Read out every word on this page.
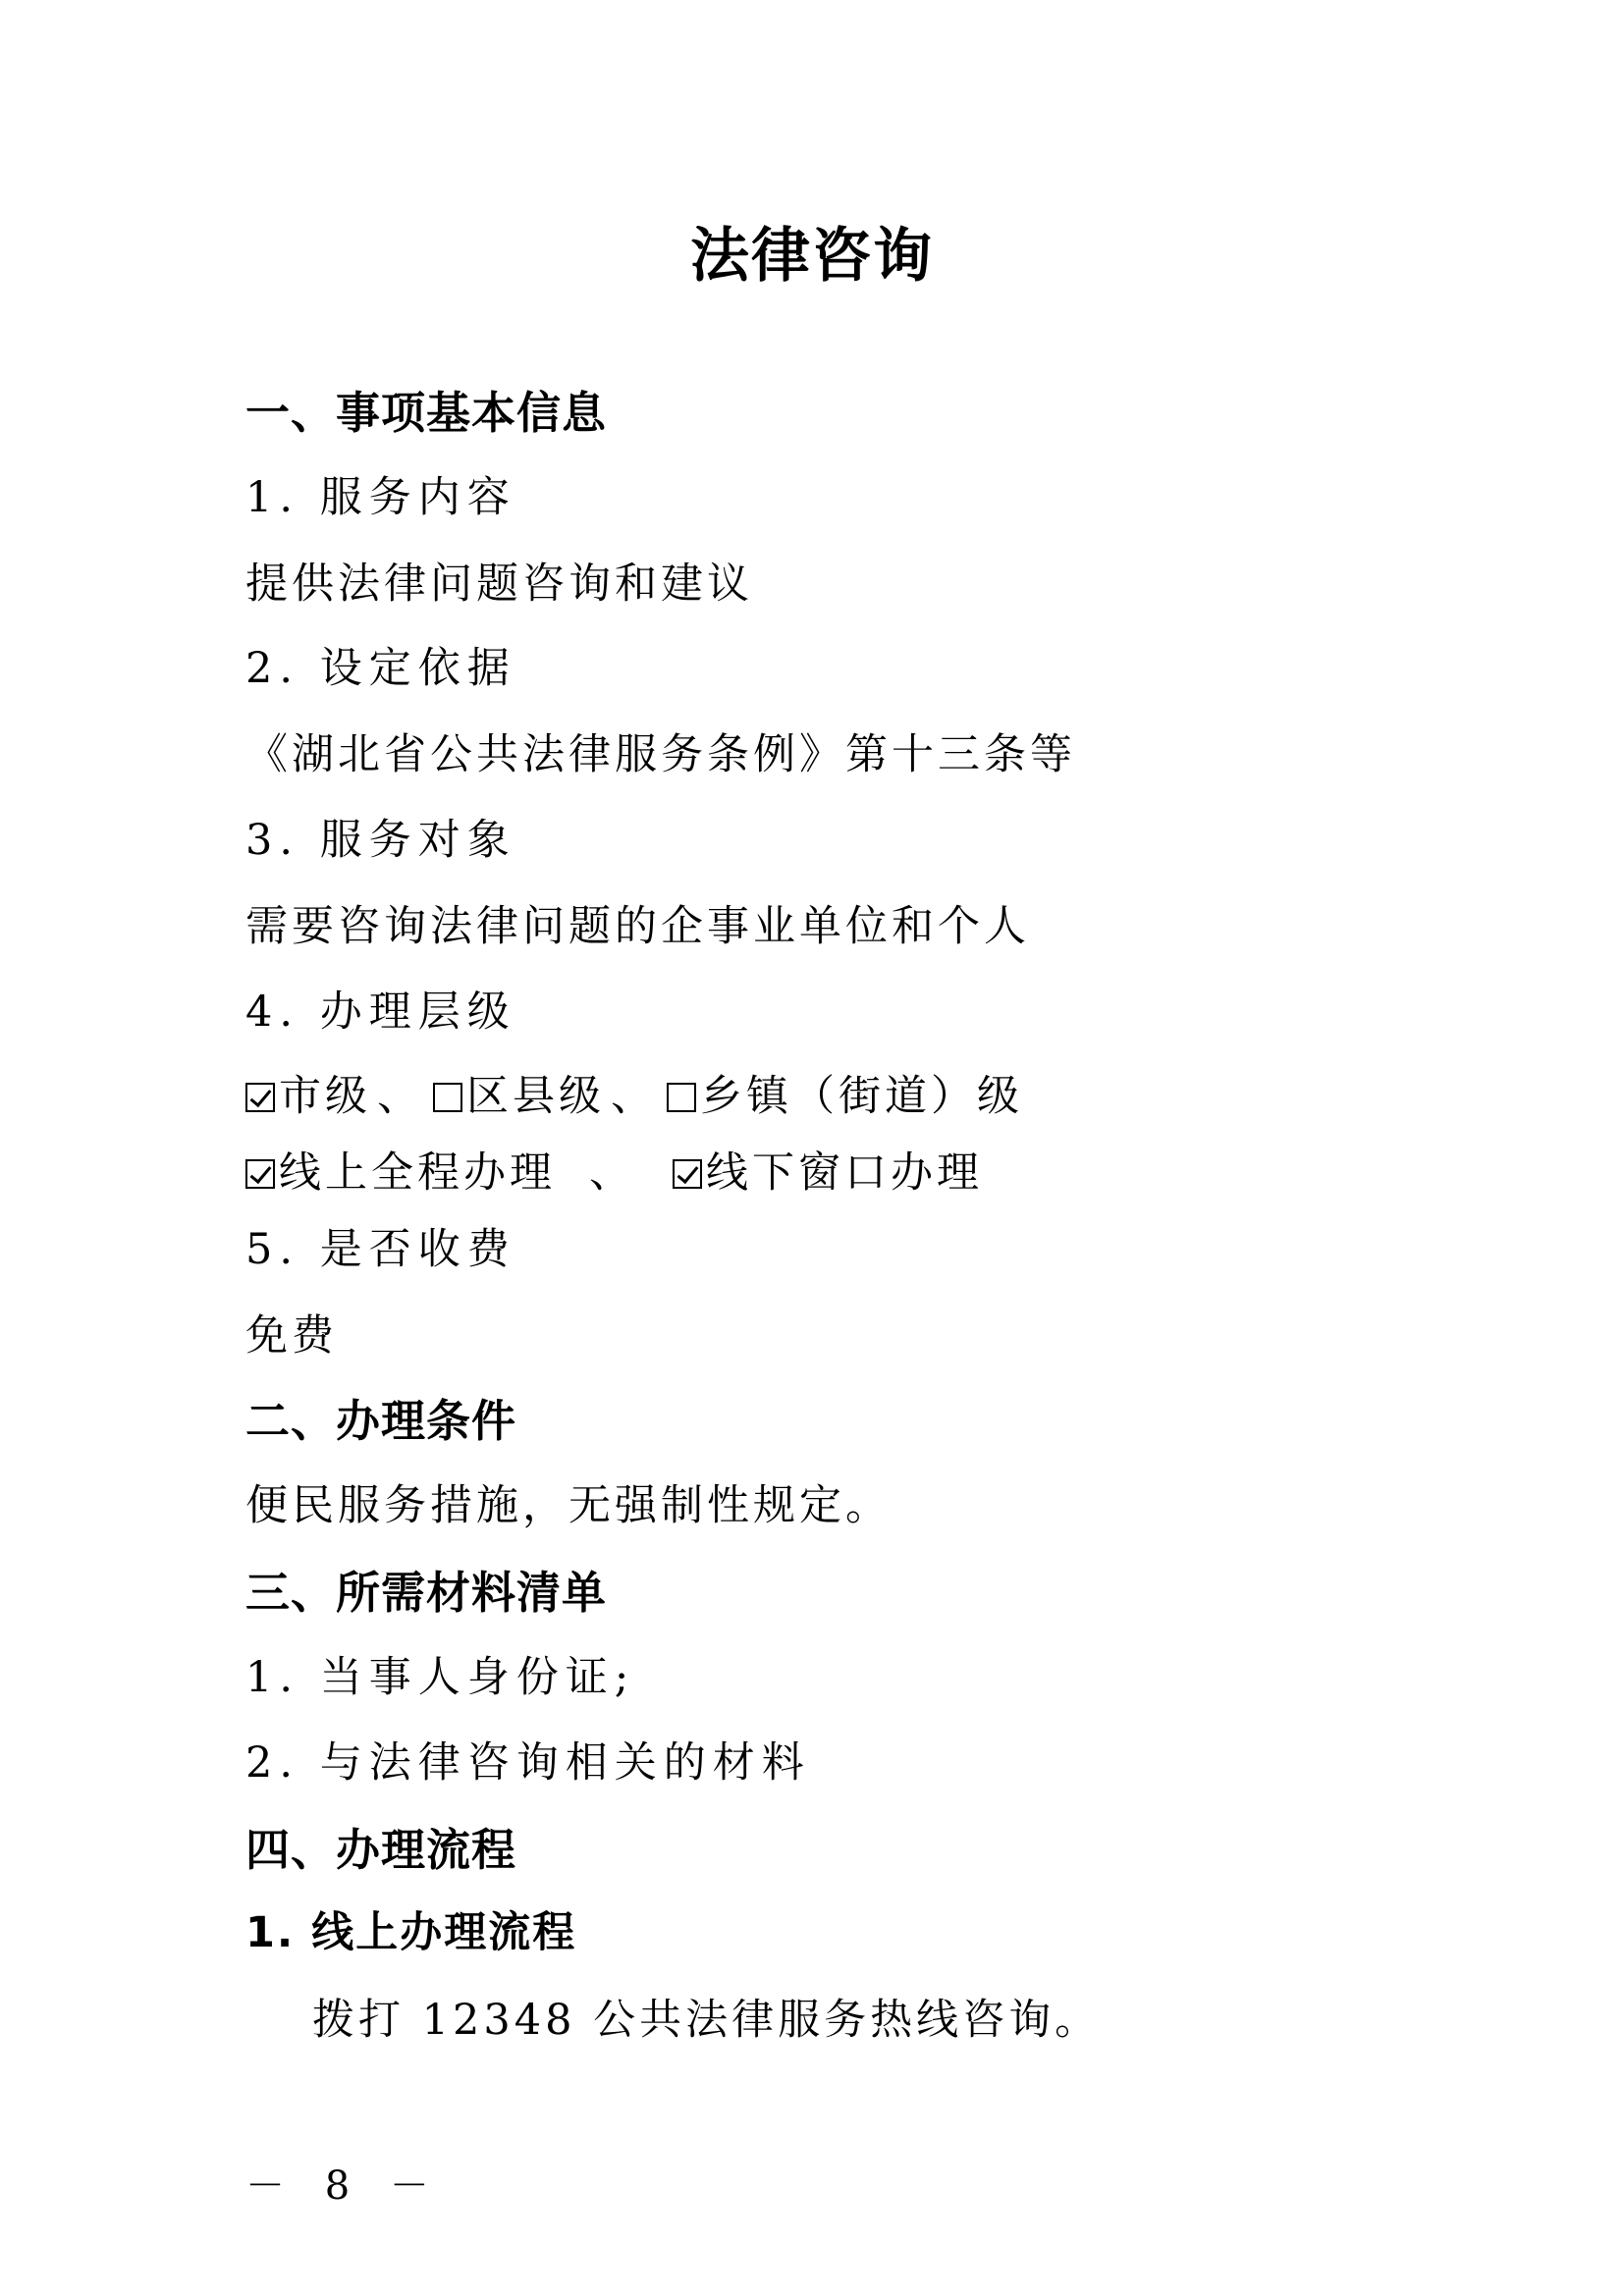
法律咨询
一、事项基本信息
1. 服务内容
提供法律问题咨询和建议
2. 设定依据
《湖北省公共法律服务条例》第十三条等
3. 服务对象
需要咨询法律问题的企事业单位和个人
4. 办理层级
市级 、 区县级 、 乡镇（街道）级
线上全程办理 、 线下窗口办理
5. 是否收费
免费
二、办理条件
便民服务措施，无强制性规定。
三、所需材料清单
1. 当事人身份证;
2. 与法律咨询相关的材料
四、办理流程
1. 线上办理流程
拨打 12348 公共法律服务热线咨询。
－ 8 －
